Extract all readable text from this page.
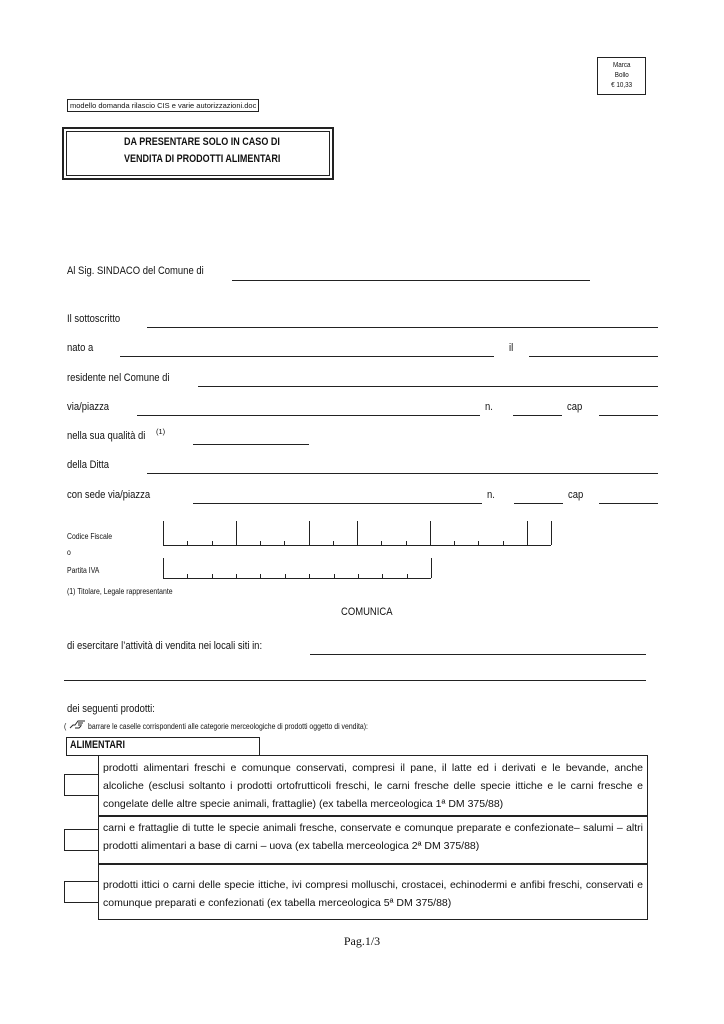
Marca
Bollo
€ 10,33
modello domanda rilascio CIS e varie autorizzazioni.doc
DA PRESENTARE SOLO IN CASO DI
VENDITA DI PRODOTTI ALIMENTARI
Al Sig. SINDACO del Comune di
Il sottoscritto
nato a	il
residente nel Comune di
via/piazza	n.	cap
nella sua qualità di (1)
della Ditta
con sede via/piazza	n.	cap
Codice Fiscale
o
Partita IVA
(1) Titolare, Legale rappresentante
COMUNICA
di esercitare l’attività di vendita nei locali siti in:
dei seguenti prodotti:
(	barrare le caselle corrispondenti alle categorie merceologiche di prodotti oggetto di vendita):
ALIMENTARI
prodotti alimentari freschi e comunque conservati, compresi il pane, il latte ed i derivati e le bevande, anche alcoliche (esclusi soltanto i prodotti ortofrutticoli freschi, le carni fresche delle specie ittiche e le carni fresche e congelate delle altre specie animali, frattaglie) (ex tabella merceologica 1ª DM 375/88)
carni e frattaglie di tutte le specie animali fresche, conservate e comunque preparate e confezionate– salumi – altri prodotti alimentari a base di carni – uova (ex tabella merceologica 2ª DM 375/88)
prodotti ittici o carni delle specie ittiche, ivi compresi molluschi, crostacei, echinodermi e anfibi freschi, conservati e comunque preparati e confezionati (ex tabella merceologica 5ª DM 375/88)
Pag.1/3
